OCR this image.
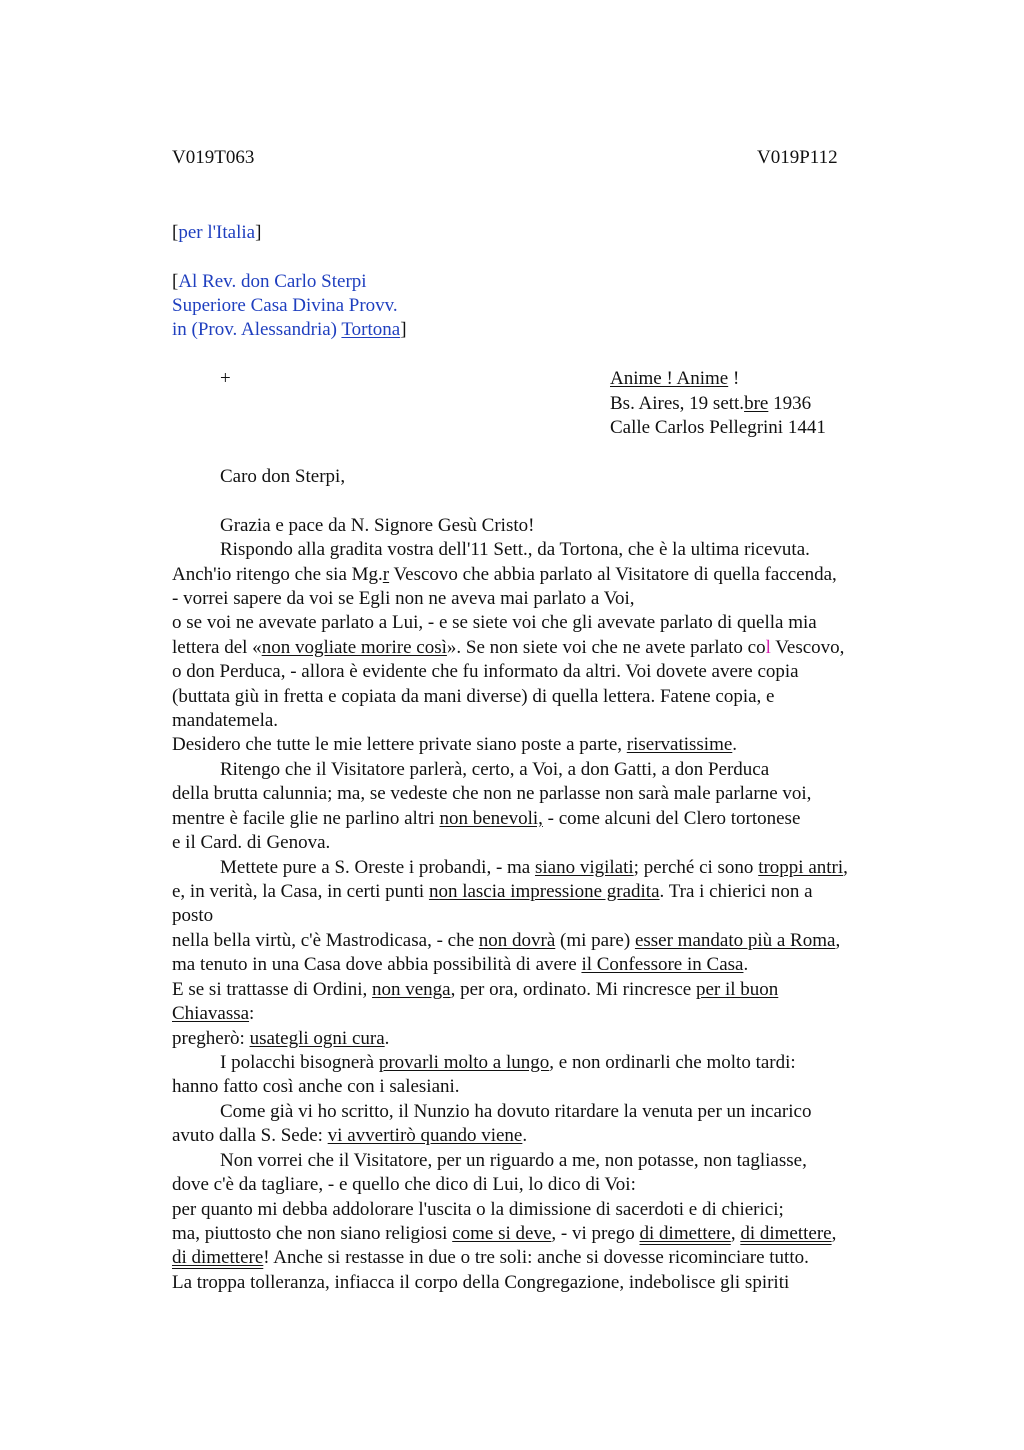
V019T063	V019P112
[per l'Italia]
[Al Rev. don Carlo Sterpi
Superiore Casa Divina Provv.
in (Prov. Alessandria) Tortona]
+	Anime ! Anime !
Bs. Aires, 19 sett.bre 1936
Calle Carlos Pellegrini 1441
Caro don Sterpi,
Grazia e pace da N. Signore Gesù Cristo!
Rispondo alla gradita vostra dell'11 Sett., da Tortona, che è la ultima ricevuta.
Anch'io ritengo che sia Mg.r Vescovo che abbia parlato al Visitatore di quella faccenda,
- vorrei sapere da voi se Egli non ne aveva mai parlato a Voi,
o se voi ne avevate parlato a Lui, - e se siete voi che gli avevate parlato di quella mia
lettera del «non vogliate morire così». Se non siete voi che ne avete parlato col Vescovo,
o don Perduca, - allora è evidente che fu informato da altri. Voi dovete avere copia
(buttata giù in fretta e copiata da mani diverse) di quella lettera. Fatene copia, e
mandatemela.
Desidero che tutte le mie lettere private siano poste a parte, riservatissime.
Ritengo che il Visitatore parlerà, certo, a Voi, a don Gatti, a don Perduca
della brutta calunnia; ma, se vedeste che non ne parlasse non sarà male parlarne voi,
mentre è facile glie ne parlino altri non benevoli, - come alcuni del Clero tortonese
e il Card. di Genova.
Mettete pure a S. Oreste i probandi, - ma siano vigilati; perché ci sono troppi antri,
e, in verità, la Casa, in certi punti non lascia impressione gradita. Tra i chierici non a
posto
nella bella virtù, c'è Mastrodicasa, - che non dovrà (mi pare) esser mandato più a Roma,
ma tenuto in una Casa dove abbia possibilità di avere il Confessore in Casa.
E se si trattasse di Ordini, non venga, per ora, ordinato. Mi rincresce per il buon
Chiavassa:
pregherò: usategli ogni cura.
I polacchi bisognerà provarli molto a lungo, e non ordinarli che molto tardi:
hanno fatto così anche con i salesiani.
Come già vi ho scritto, il Nunzio ha dovuto ritardare la venuta per un incarico
avuto dalla S. Sede: vi avvertirò quando viene.
Non vorrei che il Visitatore, per un riguardo a me, non potasse, non tagliasse,
dove c'è da tagliare, - e quello che dico di Lui, lo dico di Voi:
per quanto mi debba addolorare l'uscita o la dimissione di sacerdoti e di chierici;
ma, piuttosto che non siano religiosi come si deve, - vi prego di dimettere, di dimettere,
di dimettere! Anche si restasse in due o tre soli: anche si dovesse ricominciare tutto.
La troppa tolleranza, infiacca il corpo della Congregazione, indebolisce gli spiriti
